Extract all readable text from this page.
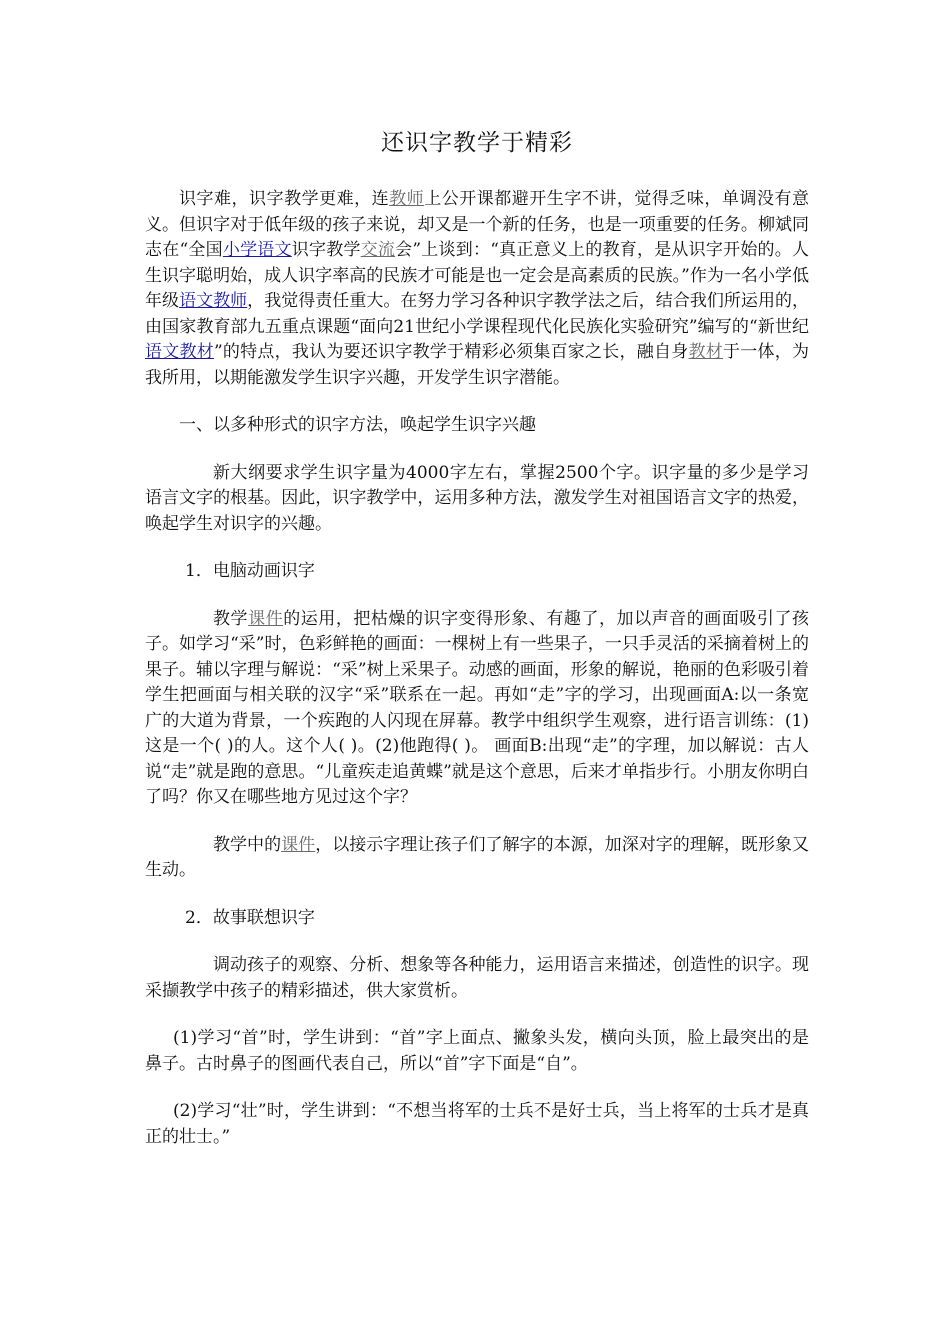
还识字教学于精彩

识字难，识字教学更难，连教师上公开课都避开生字不讲，觉得乏味，单调没有意义。但识字对于低年级的孩子来说，却又是一个新的任务，也是一项重要的任务。柳斌同志在“全国小学语文识字教学交流会”上谈到：“真正意义上的教育，是从识字开始的。人生识字聪明始，成人识字率高的民族才可能是也一定会是高素质的民族。”作为一名小学低年级语文教师，我觉得责任重大。在努力学习各种识字教学法之后，结合我们所运用的，由国家教育部九五重点课题“面向21世纪小学课程现代化民族化实验研究”编写的“新世纪语文教材”的特点，我认为要还识字教学于精彩必须集百家之长，融自身教材于一体，为我所用，以期能激发学生识字兴趣，开发学生识字潜能。

一、以多种形式的识字方法，唤起学生识字兴趣

新大纲要求学生识字量为4000字左右，掌握2500个字。识字量的多少是学习语言文字的根基。因此，识字教学中，运用多种方法，激发学生对祖国语言文字的热爱，唤起学生对识字的兴趣。

1．电脑动画识字

教学课件的运用，把枯燥的识字变得形象、有趣了，加以声音的画面吸引了孩子。如学习“采”时，色彩鲜艳的画面：一棵树上有一些果子，一只手灵活的采摘着树上的果子。辅以字理与解说：“采”树上采果子。动感的画面，形象的解说，艳丽的色彩吸引着学生把画面与相关联的汉字“采”联系在一起。再如“走”字的学习，出现画面A:以一条宽广的大道为背景，一个疾跑的人闪现在屏幕。教学中组织学生观察，进行语言训练：(1)这是一个( )的人。这个人( )。(2)他跑得( )。 画面B:出现“走”的字理，加以解说：古人说“走”就是跑的意思。“儿童疾走追黄蝶”就是这个意思，后来才单指步行。小朋友你明白了吗？你又在哪些地方见过这个字？

教学中的课件，以接示字理让孩子们了解字的本源，加深对字的理解，既形象又生动。

2．故事联想识字

调动孩子的观察、分析、想象等各种能力，运用语言来描述，创造性的识字。现采撷教学中孩子的精彩描述，供大家赏析。

(1)学习“首”时，学生讲到：“首”字上面点、撇象头发，横向头顶，脸上最突出的是鼻子。古时鼻子的图画代表自己，所以“首”字下面是“自”。

(2)学习“壮”时，学生讲到：“不想当将军的士兵不是好士兵，当上将军的士兵才是真正的壮士。”
